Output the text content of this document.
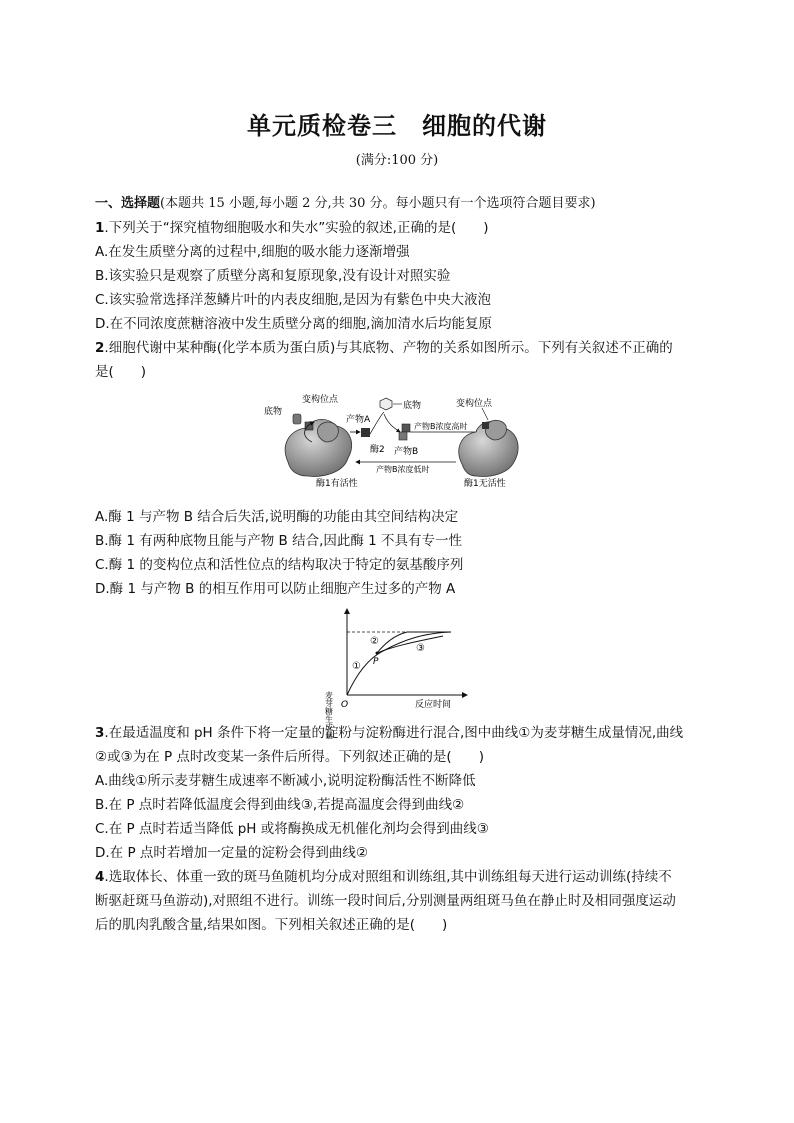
单元质检卷三　细胞的代谢
(满分:100 分)
一、选择题(本题共 15 小题,每小题 2 分,共 30 分。每小题只有一个选项符合题目要求)
1.下列关于“探究植物细胞吸水和失水”实验的叙述,正确的是(　　)
A.在发生质壁分离的过程中,细胞的吸水能力逐渐增强
B.该实验只是观察了质壁分离和复原现象,没有设计对照实验
C.该实验常选择洋葱鳞片叶的内表皮细胞,是因为有紫色中央大液泡
D.在不同浓度蔗糖溶液中发生质壁分离的细胞,滴加清水后均能复原
2.细胞代谢中某种酶(化学本质为蛋白质)与其底物、产物的关系如图所示。下列有关叙述不正确的
是(　　)
底物
变构位点
产物A
底物
酶2 产物B
产物B浓度高时
产物B浓度低时
变构位点
酶1有活性	酶1无活性
A.酶 1 与产物 B 结合后失活,说明酶的功能由其空间结构决定
B.酶 1 有两种底物且能与产物 B 结合,因此酶 1 不具有专一性
C.酶 1 的变构位点和活性位点的结构取决于特定的氨基酸序列
D.酶 1 与产物 B 的相互作用可以防止细胞产生过多的产物 A
麦芽糖生成量 O	反应时间
①
②
③
P
3.在最适温度和 pH 条件下将一定量的淀粉与淀粉酶进行混合,图中曲线①为麦芽糖生成量情况,曲线
②或③为在 P 点时改变某一条件后所得。下列叙述正确的是(　　)
A.曲线①所示麦芽糖生成速率不断减小,说明淀粉酶活性不断降低
B.在 P 点时若降低温度会得到曲线③,若提高温度会得到曲线②
C.在 P 点时若适当降低 pH 或将酶换成无机催化剂均会得到曲线③
D.在 P 点时若增加一定量的淀粉会得到曲线②
4.选取体长、体重一致的斑马鱼随机均分成对照组和训练组,其中训练组每天进行运动训练(持续不
断驱赶斑马鱼游动),对照组不进行。训练一段时间后,分别测量两组斑马鱼在静止时及相同强度运动
后的肌肉乳酸含量,结果如图。下列相关叙述正确的是(　　)
